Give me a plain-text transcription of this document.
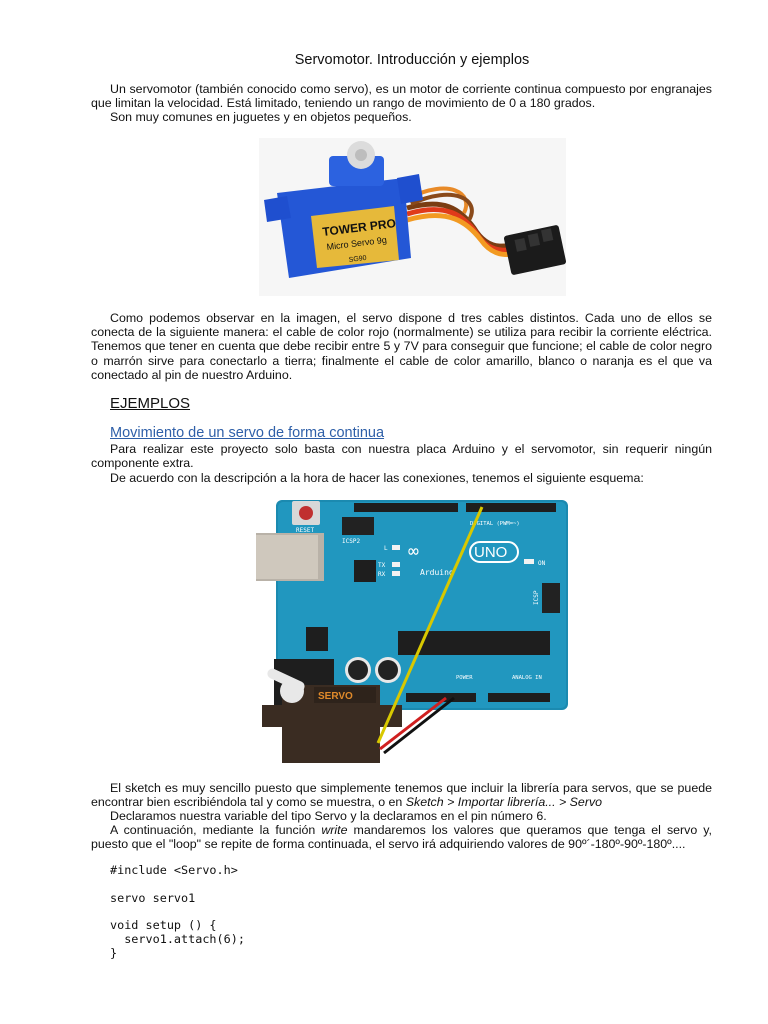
Servomotor. Introducción y ejemplos
Un servomotor (también conocido como servo), es un motor de corriente continua compuesto por engranajes que limitan la velocidad. Está limitado, teniendo un rango de movimiento de 0 a 180 grados.
Son muy comunes en juguetes y en objetos pequeños.
TOWER PRO
Micro Servo 9g
SG90
Como podemos observar en la imagen, el servo dispone d tres cables distintos. Cada uno de ellos se conecta de la siguiente manera: el cable de color rojo (normalmente) se utiliza para recibir la corriente eléctrica. Tenemos que tener en cuenta que debe recibir entre 5 y 7V para conseguir que funcione; el cable de color negro o marrón sirve para conectarlo a tierra; finalmente el cable de color amarillo, blanco o naranja es el que va conectado al pin de nuestro Arduino.
EJEMPLOS
Movimiento de un servo de forma continua
Para realizar este proyecto solo basta con nuestra placa Arduino y el servomotor, sin requerir ningún componente extra.
De acuerdo con la descripción a la hora de hacer las conexiones, tenemos el siguiente esquema:
RESET
ICSP2
DIGITAL (PWM=~)
∞	UNO
Arduino
L
TX
RX
ON
ICSP
POWER	ANALOG IN
SERVO
El sketch es muy sencillo puesto que simplemente tenemos que incluir la librería para servos, que se puede encontrar bien escribiéndola tal y como se muestra, o en Sketch > Importar librería... > Servo
Declaramos nuestra variable del tipo Servo y la declaramos en el pin número 6.
A continuación, mediante la función write mandaremos los valores que queramos que tenga el servo y, puesto que el "loop" se repite de forma continuada, el servo irá adquiriendo valores de 90º´-180º-90º-180º....
#include <Servo.h>
servo servo1
void setup () {
servo1.attach(6);
}
